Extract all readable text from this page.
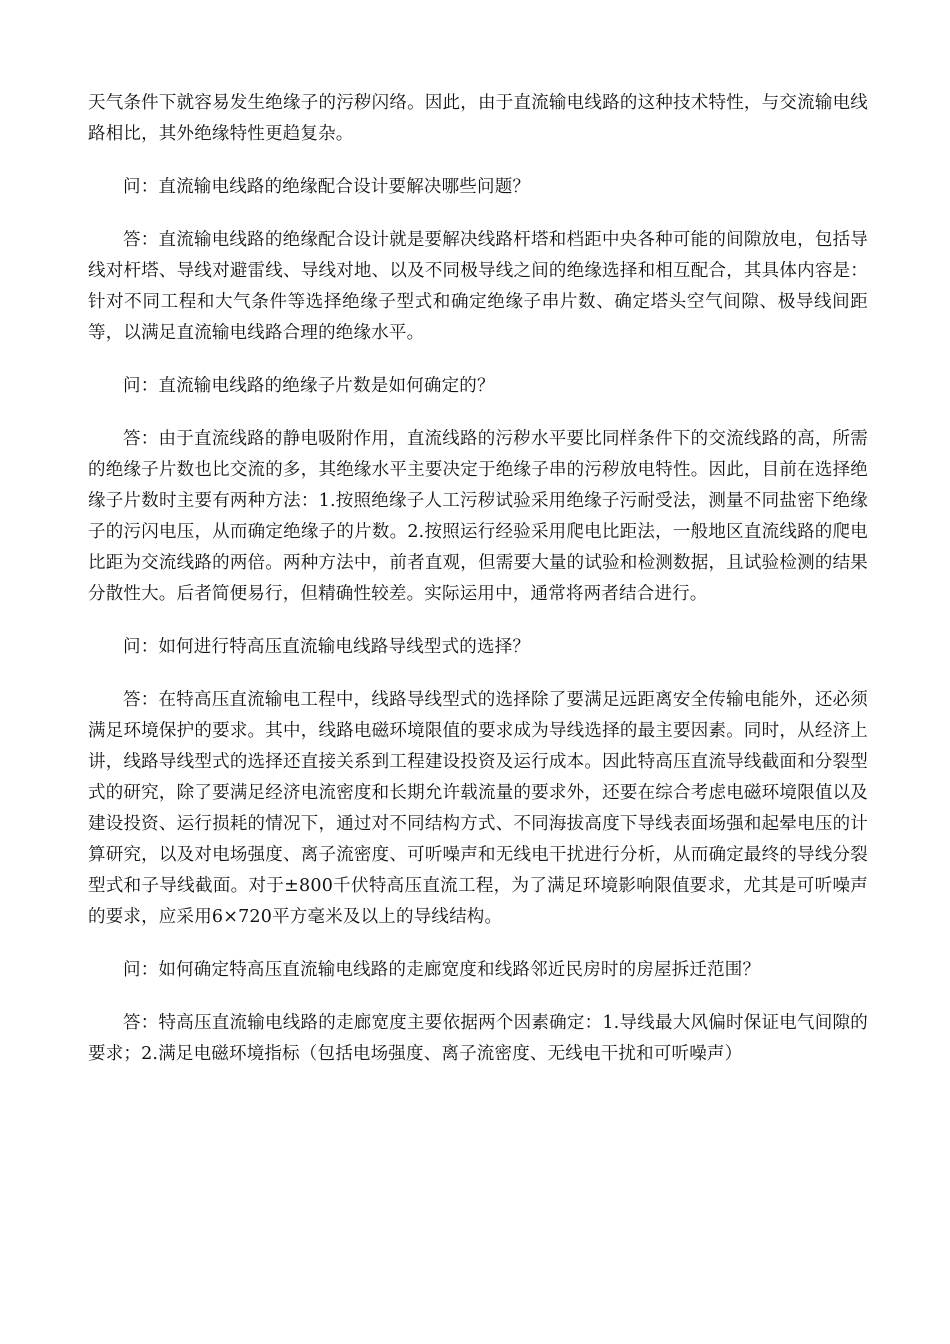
天气条件下就容易发生绝缘子的污秽闪络。因此，由于直流输电线路的这种技术特性，与交流输电线路相比，其外绝缘特性更趋复杂。

问：直流输电线路的绝缘配合设计要解决哪些问题？

答：直流输电线路的绝缘配合设计就是要解决线路杆塔和档距中央各种可能的间隙放电，包括导线对杆塔、导线对避雷线、导线对地、以及不同极导线之间的绝缘选择和相互配合，其具体内容是：针对不同工程和大气条件等选择绝缘子型式和确定绝缘子串片数、确定塔头空气间隙、极导线间距等，以满足直流输电线路合理的绝缘水平。

问：直流输电线路的绝缘子片数是如何确定的？

答：由于直流线路的静电吸附作用，直流线路的污秽水平要比同样条件下的交流线路的高，所需的绝缘子片数也比交流的多，其绝缘水平主要决定于绝缘子串的污秽放电特性。因此，目前在选择绝缘子片数时主要有两种方法：1.按照绝缘子人工污秽试验采用绝缘子污耐受法，测量不同盐密下绝缘子的污闪电压，从而确定绝缘子的片数。2.按照运行经验采用爬电比距法，一般地区直流线路的爬电比距为交流线路的两倍。两种方法中，前者直观，但需要大量的试验和检测数据，且试验检测的结果分散性大。后者简便易行，但精确性较差。实际运用中，通常将两者结合进行。

问：如何进行特高压直流输电线路导线型式的选择？

答：在特高压直流输电工程中，线路导线型式的选择除了要满足远距离安全传输电能外，还必须满足环境保护的要求。其中，线路电磁环境限值的要求成为导线选择的最主要因素。同时，从经济上讲，线路导线型式的选择还直接关系到工程建设投资及运行成本。因此特高压直流导线截面和分裂型式的研究，除了要满足经济电流密度和长期允许载流量的要求外，还要在综合考虑电磁环境限值以及建设投资、运行损耗的情况下，通过对不同结构方式、不同海拔高度下导线表面场强和起晕电压的计算研究，以及对电场强度、离子流密度、可听噪声和无线电干扰进行分析，从而确定最终的导线分裂型式和子导线截面。对于±800千伏特高压直流工程，为了满足环境影响限值要求，尤其是可听噪声的要求，应采用6×720平方毫米及以上的导线结构。

问：如何确定特高压直流输电线路的走廊宽度和线路邻近民房时的房屋拆迁范围？

答：特高压直流输电线路的走廊宽度主要依据两个因素确定：1.导线最大风偏时保证电气间隙的要求；2.满足电磁环境指标（包括电场强度、离子流密度、无线电干扰和可听噪声）
